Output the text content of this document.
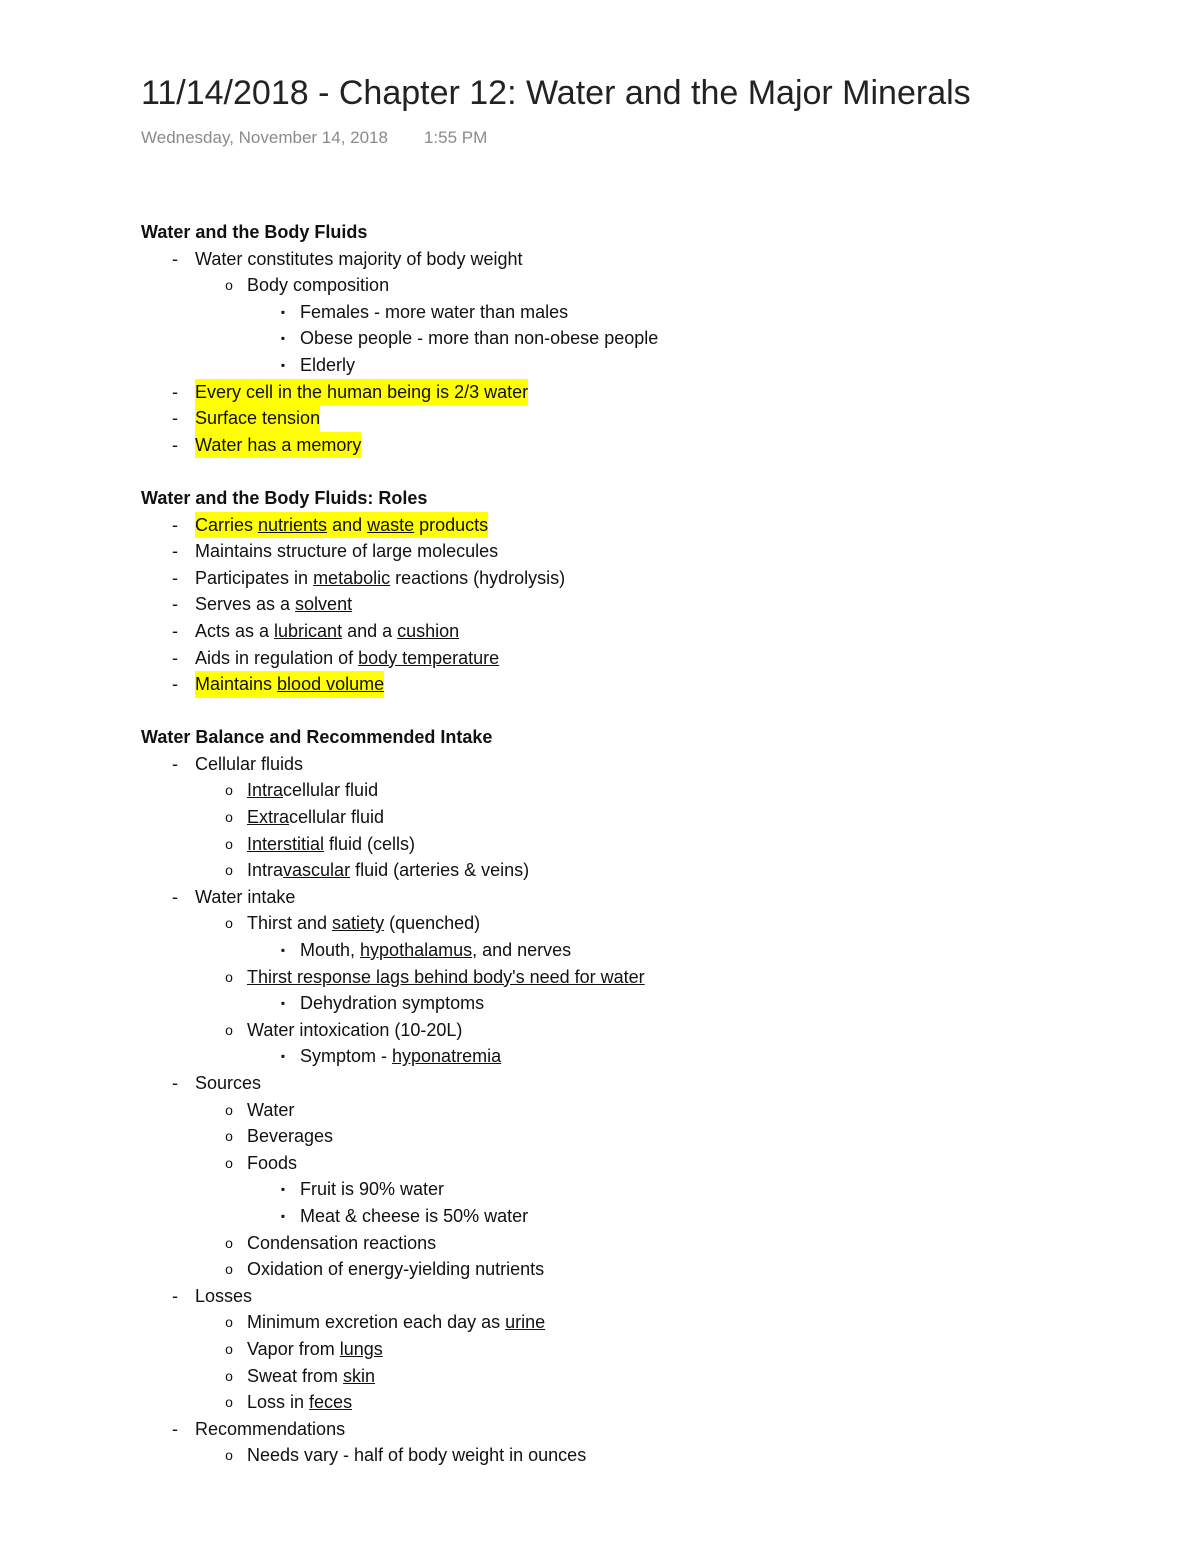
11/14/2018 - Chapter 12: Water and the Major Minerals
Wednesday, November 14, 2018 1:55 PM
Water and the Body Fluids
- Water constitutes majority of body weight
o Body composition
▪ Females - more water than males
▪ Obese people - more than non-obese people
▪ Elderly
- Every cell in the human being is 2/3 water
- Surface tension
- Water has a memory
Water and the Body Fluids: Roles
- Carries nutrients and waste products
- Maintains structure of large molecules
- Participates in metabolic reactions (hydrolysis)
- Serves as a solvent
- Acts as a lubricant and a cushion
- Aids in regulation of body temperature
- Maintains blood volume
Water Balance and Recommended Intake
- Cellular fluids
o Intracellular fluid
o Extracellular fluid
o Interstitial fluid (cells)
o Intravascular fluid (arteries & veins)
- Water intake
o Thirst and satiety (quenched)
▪ Mouth, hypothalamus, and nerves
o Thirst response lags behind body's need for water
▪ Dehydration symptoms
o Water intoxication (10-20L)
▪ Symptom - hyponatremia
- Sources
o Water
o Beverages
o Foods
▪ Fruit is 90% water
▪ Meat & cheese is 50% water
o Condensation reactions
o Oxidation of energy-yielding nutrients
- Losses
o Minimum excretion each day as urine
o Vapor from lungs
o Sweat from skin
o Loss in feces
- Recommendations
o Needs vary - half of body weight in ounces
